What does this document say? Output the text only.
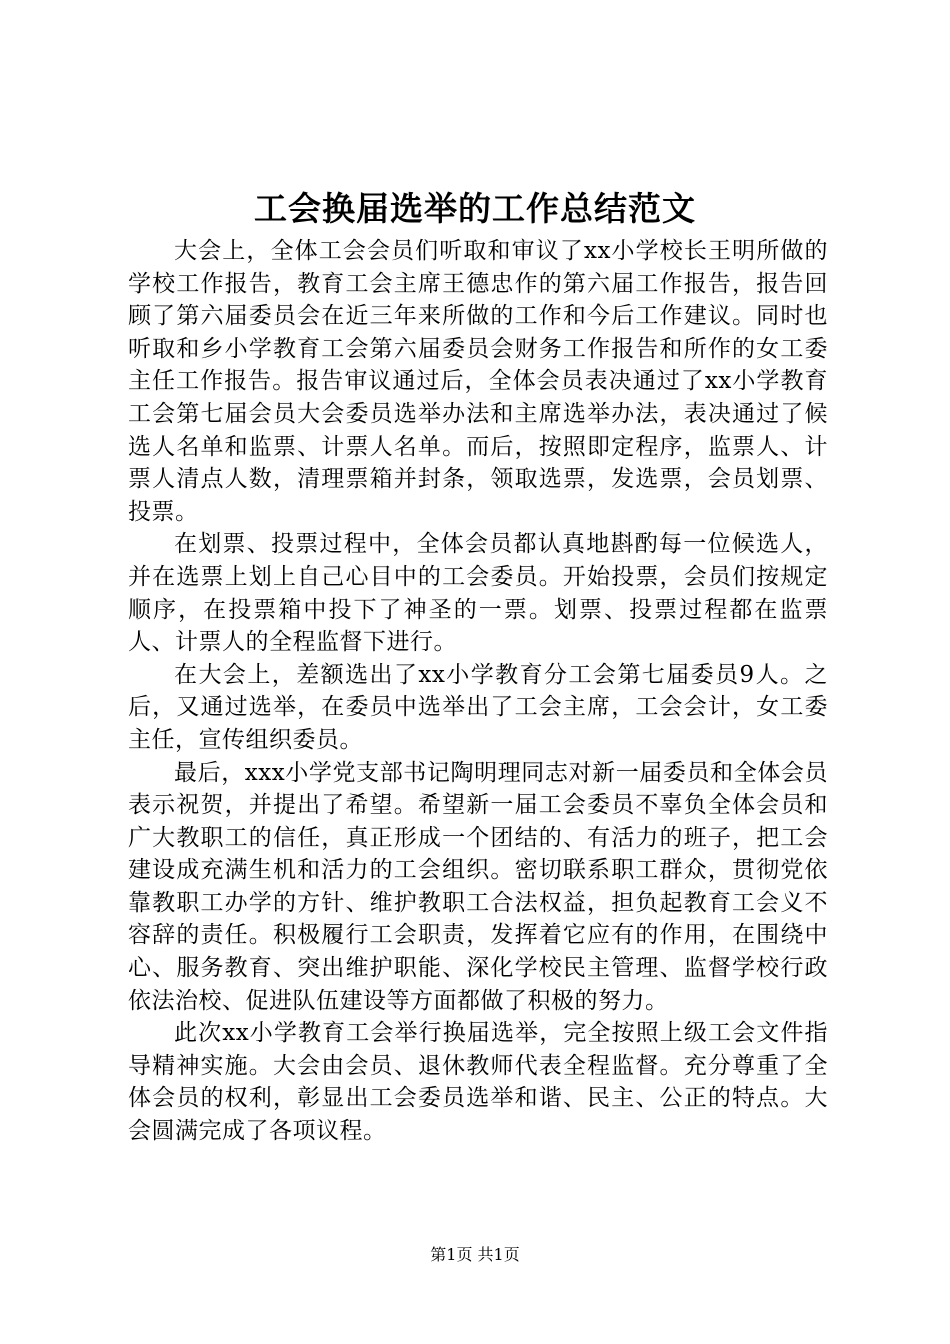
工会换届选举的工作总结范文

大会上，全体工会会员们听取和审议了xx小学校长王明所做的学校工作报告，教育工会主席王德忠作的第六届工作报告，报告回顾了第六届委员会在近三年来所做的工作和今后工作建议。同时也听取和乡小学教育工会第六届委员会财务工作报告和所作的女工委主任工作报告。报告审议通过后，全体会员表决通过了xx小学教育工会第七届会员大会委员选举办法和主席选举办法，表决通过了候选人名单和监票、计票人名单。而后，按照即定程序，监票人、计票人清点人数，清理票箱并封条，领取选票，发选票，会员划票、投票。

在划票、投票过程中，全体会员都认真地斟酌每一位候选人，并在选票上划上自己心目中的工会委员。开始投票，会员们按规定顺序，在投票箱中投下了神圣的一票。划票、投票过程都在监票人、计票人的全程监督下进行。

在大会上，差额选出了xx小学教育分工会第七届委员9人。之后，又通过选举，在委员中选举出了工会主席，工会会计，女工委主任，宣传组织委员。

最后，xxx小学党支部书记陶明理同志对新一届委员和全体会员表示祝贺，并提出了希望。希望新一届工会委员不辜负全体会员和广大教职工的信任，真正形成一个团结的、有活力的班子，把工会建设成充满生机和活力的工会组织。密切联系职工群众，贯彻党依靠教职工办学的方针、维护教职工合法权益，担负起教育工会义不容辞的责任。积极履行工会职责，发挥着它应有的作用，在围绕中心、服务教育、突出维护职能、深化学校民主管理、监督学校行政依法治校、促进队伍建设等方面都做了积极的努力。

此次xx小学教育工会举行换届选举，完全按照上级工会文件指导精神实施。大会由会员、退休教师代表全程监督。充分尊重了全体会员的权利，彰显出工会委员选举和谐、民主、公正的特点。大会圆满完成了各项议程。

第1页 共1页
